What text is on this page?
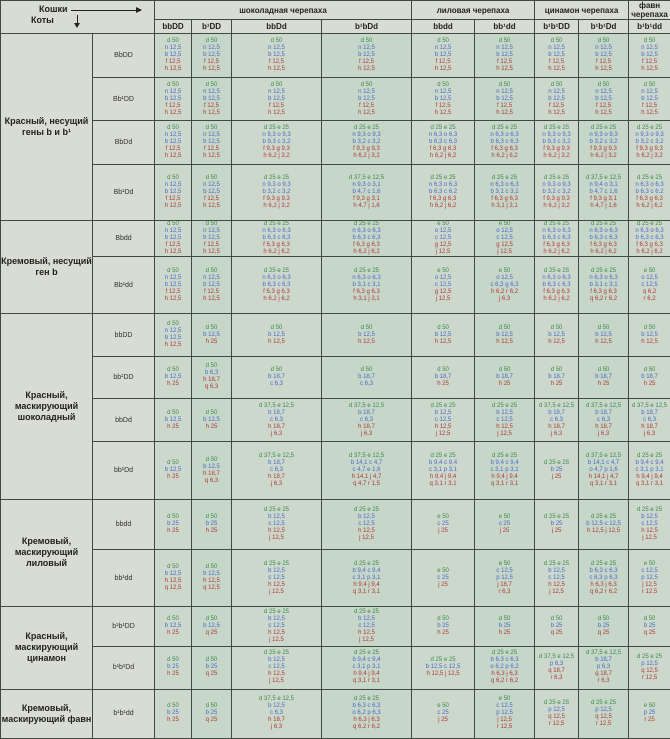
Кошки
Коты		шоколадная черепаха				лиловая черепаха		цинамон черепаха		фавн черепаха
		bbDD	b¹DD	bbDd	b¹bDd	bbdd	bb¹dd	b¹b¹DD	b¹b¹Dd	b¹b¹dd
Красный, несущий гены b и b¹	BbDD	d 50
n 12,5
b 12,5
f 12,5
h 12,5	d 50
n 12,5
b 12,5
f 12,5
h 12,5	d 50
n 12,5
b 12,5
f 12,5
h 12,5	d 50
n 12,5
b 12,5
f 12,5
h 12,5	d 50
n 12,5
b 12,5
f 12,5
h 12,5	d 50
n 12,5
b 12,5
f 12,5
h 12,5	d 50
n 12,5
b 12,5
f 12,5
h 12,5	d 50
n 12,5
b 12,5
f 12,5
h 12,5	d 50
n 12,5
b 12,5
f 12,5
h 12,5

	Bb¹DD	d 50
n 12,5
b 12,5
f 12,5
h 12,5	d 50
n 12,5
b 12,5
f 12,5
h 12,5	d 50
n 12,5
b 12,5
f 12,5
h 12,5	d 50
n 12,5
b 12,5
f 12,5
h 12,5	d 50
n 12,5
b 12,5
f 12,5
h 12,5	d 50
n 12,5
b 12,5
f 12,5
h 12,5	d 50
n 12,5
b 12,5
f 12,5
h 12,5	d 50
n 12,5
b 12,5
f 12,5
h 12,5	d 50
n 12,5
b 12,5
f 12,5
h 12,5

	BbDd	d 50
n 12,5
b 12,5
f 12,5
h 12,5	d 50
n 12,5
b 12,5
f 12,5
h 12,5	d 25 e 25
n 9,3 o 9,3
b 9,3 c 3,2
f 9,3 g 9,3
h 6,2 j 3,2	d 25 e 25
n 9,3 o 9,3
b 3,2 c 3,2
f 9,3 g 9,3
h 6,2 j 3,2	d 25 e 25
n 6,3 o 6,3
b 6,3 c 6,3
f 6,3 g 6,3
h 6,2 j 6,2	d 25 e 25
n 6,3 o 6,3
b 6,3 c 6,3
f 6,3 g 6,3
h 6,2 j 6,2	d 25 e 25
n 9,3 o 9,3
b 9,3 c 3,2
f 9,3 g 9,3
h 6,2 j 3,2	d 25 e 25
n 9,3 o 9,3
b 3,2 c 3,2
f 9,3 g 9,3
h 6,2 j 3,2	d 25 e 25
n 9,3 o 9,3
b 3,2 c 3,2
f 9,3 g 9,3
h 6,2 j 3,2

	Bb¹Dd	d 50
n 12,5
b 12,5
f 12,5
h 12,5	d 50
n 12,5
b 12,5
f 12,5
h 12,5	d 25 e 25
n 9,3 o 9,3
b 3,2 c 3,2
f 9,3 g 9,3
h 6,2 j 3,2	d 37,5 e 12,5
n 9,3 o 3,1
b 4,7 c 1,6
f 9,3 g 3,1
h 4,7 j 1,6	d 25 e 25
n 6,3 o 6,3
b 6,3 c 6,2
f 6,3 g 6,3
h 6,2 j 6,2	d 25 e 25
n 6,3 o 6,3
b 3,1 c 3,1
f 6,3 g 6,3
h 3,1 j 3,1	d 25 e 25
n 9,3 o 9,3
b 3,2 c 3,2
f 9,3 g 9,3
h 6,2 j 3,2	d 37,5 e 12,5
n 9,4 o 3,1
b 4,7 c 1,6
f 9,3 g 3,1
h 4,7 j 1,6	d 25 e 25
n 6,3 o 6,3
b 6,3 c 6,2
f 6,3 g 6,3
h 6,2 j 6,2

Кремовый, несущий ген b	Bbdd	d 50
n 12,5
b 12,5
f 12,5
h 12,5	d 50
n 12,5
b 12,5
f 12,5
h 12,5	d 25 e 25
n 6,3 o 6,3
b 6,3 c 6,3
f 6,3 g 6,3
h 6,2 j 6,2	d 25 e 25
n 6,3 o 6,3
b 6,3 c 6,3
f 6,3 g 6,3
h 6,2 j 6,2	e 50
o 12,5
c 12,5
g 12,5
j 12,5	e 50
o 12,5
c 12,5
g 12,5
j 12,5	d 25 e 25
n 6,3 o 6,3
b 6,3 c 6,3
f 6,3 g 6,3
h 6,2 j 6,2	d 25 e 25
n 6,3 o 6,3
b 6,3 c 6,3
f 6,3 g 6,3
h 6,2 j 6,2	d 25 e 25
n 6,3 o 6,3
b 6,3 c 6,3
f 6,3 g 6,3
h 6,2 j 6,2

	Bb¹dd	d 50
n 12,5
b 12,5
f 12,5
h 12,5	d 50
n 12,5
b 12,5
f 12,5
h 12,5	d 25 e 25
n 6,3 o 6,3
b 6,3 c 6,3
f 6,3 g 6,3
h 6,2 j 6,2	d 25 e 25
n 6,3 o 6,3
b 3,1 c 3,1
f 6,3 g 6,3
h 3,1 j 3,1	e 50
o 12,5
c 12,5
g 12,5
j 12,5	e 50
o 12,5
c 6,3 g 6,3
h 6,2 r 6,2
j 6,3	d 25 e 25
n 6,3 o 6,3
b 6,3 c 6,3
f 6,3 g 6,3
h 6,2 j 6,2	d 25 e 25
n 6,3 o 6,3
b 3,1 c 3,1
f 6,3 g 6,3
q 6,2 r 6,2	e 50
o 12,5
c 12,5
q 6,2
r 6,2

Красный, маскирующий шоколадный	bbDD	d 50
n 12,5
b 12,5
h 12,5	d 50
b 12,5
h 25	d 50
b 12,5
h 12,5	d 50
b 12,5
h 12,5	d 50
b 12,5
h 12,5	d 50
b 12,5
h 12,5	d 50
b 12,5
h 12,5	d 50
b 12,5
h 12,5	d 50
b 12,5
h 12,5

	bb¹DD	d 50
b 12,5
h 25	d 50
b 6,3
h 18,7
q 6,3	d 50
b 18,7
c 6,3	d 50
b 18,7
c 6,3	d 50
b 18,7
h 25	d 50
b 18,7
h 25	d 50
b 18,7
h 25	d 50
b 18,7
h 25	d 50
b 18,7
h 25

	bbDd	d 50
b 12,5
h 25	d 50
b 12,5
h 25	d 37,5 e 12,5
b 18,7
c 6,3
h 18,7
j 6,3	d 37,5 e 12,5
b 18,7
c 6,3
h 18,7
j 6,3	d 25 e 25
b 12,5
c 12,5
h 12,5
j 12,5	d 25 e 25
b 12,5
c 12,5
h 12,5
j 12,5	d 37,5 e 12,5
b 18,7
c 6,3
h 18,7
j 6,3	d 37,5 e 12,5
b 18,7
c 6,3
h 18,7
j 6,3	d 37,5 e 12,5
b 18,7
c 6,3
h 18,7
j 6,3

	bb¹Dd	d 50
b 12,5
h 25	d 50
b 12,5
h 18,7
q 6,3	d 37,5 e 12,5
b 18,7
c 6,3
h 18,7
j 6,3	d 37,5 e 12,5
b 14,1 c 4,7
c 4,7 e 1,6
h 14,1 j 4,7
q 4,7 r 1,5	d 25 e 25
b 9,4 c 9,4
c 3,1 p 3,1
h 9,4 j 9,4
q 3,1 r 3,1	d 25 e 25
b 9,4 c 9,4
c 3,1 p 3,1
h 9,4 j 9,4
q 3,1 r 3,1	d 25 e 25
b 25
j 25	d 37,5 e 12,5
b 14,1 c 4,7
o 4,7 p 1,6
h 14,1 j 4,7
q 3,1 r 3,1	d 25 e 25
b 9,4 c 9,4
c 3,1 p 3,1
h 9,4 j 9,4
q 3,1 r 3,1

Кремовый, маскирующий лиловый	bbdd	d 50
b 25
h 25	d 50
b 25
h 25	d 25 e 25
b 12,5
c 12,5
h 12,5
j 12,5	d 25 e 25
b 12,5
c 12,5
h 12,5
j 12,5	e 50
c 25
j 25	e 50
c 25
j 25	d 25 e 25
b 25
j 25	d 25 e 25
b 12,5 c 12,5
h 12,5 j 12,5	d 25 e 25
b 12,5
c 12,5
h 12,5
j 12,5

	bb¹dd	d 50
b 12,5
h 12,5
q 12,5	d 50
b 12,5
h 12,5
q 12,5	d 25 e 25
b 12,5
c 12,5
h 12,5
j 12,5	d 25 e 25
b 9,4 c 9,4
c 3,1 p 3,1
h 9,4 j 9,4
q 3,1 r 3,1	e 50
c 25
j 25	e 50
c 12,5
p 12,5
j 18,7
r 6,3	d 25 e 25
b 12,5
c 12,5
h 12,5
j 12,5	d 25 e 25
b 6,3 c 6,3
c 6,3 p 6,3
h 6,3 j 6,3
q 6,2 r 6,2	e 50
c 12,5
p 12,5
j 12,5
r 12,5

Красный, маскирующий цинамон	b¹b¹DD	d 50
b 12,5
h 25	d 50
b 12,5
q 25	d 25 e 25
b 12,5
c 12,5
h 12,5
j 12,5	d 25 e 25
b 12,5
c 12,5
h 12,5
j 12,5	d 50
b 25
h 25	d 50
b 25
h 25	d 50
b 25
q 25	d 50
b 25
q 25	d 50
b 25
q 25

	b¹b¹Dd	d 50
b 25
h 25	d 50
b 25
q 25	d 25 e 25
b 12,5
c 12,5
h 12,5
j 12,5	d 25 e 25
b 9,4 c 9,4
c 3,1 p 3,1
h 9,4 j 9,4
q 3,1 r 3,1	d 25 e 25
b 12,5 c 12,5
h 12,5 j 12,5	d 25 e 25
b 6,3 c 6,3
o 6,2 p 6,2
h 6,3 j 6,3
q 6,2 r 6,2	d 37,5 e 12,5
p 6,3
q 18,7
r 6,3	d 37,5 e 12,5
b 18,7
p 6,3
q 18,7
r 6,3	d 25 e 25
p 12,5
q 12,5
r 12,5

Кремовый, маскирующий фавн	b¹b¹dd	d 50
b 25
h 25	d 50
b 25
q 25	d 37,5 e 12,5
b 12,5
c 6,3
h 18,7
j 6,3	d 25 e 25
b 6,3 c 6,3
o 6,2 p 6,3
h 6,3 j 6,3
q 6,2 r 6,2	e 50
c 25
j 25	e 50
c 12,5
p 12,5
j 12,5
r 12,5	d 25 e 25
p 12,5
q 12,5
r 12,5	d 25 e 25
p 12,5
q 12,5
r 12,5	e 50
p 25
r 25
